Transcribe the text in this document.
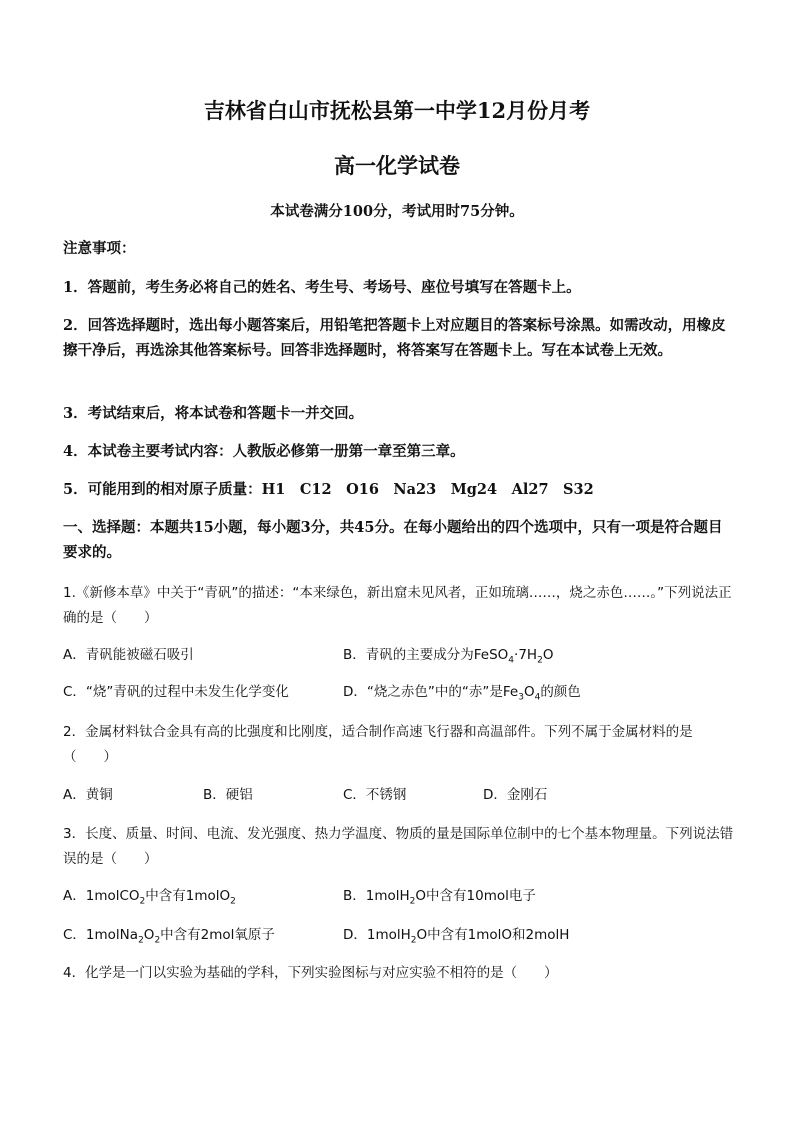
吉林省白山市抚松县第一中学12月份月考
高一化学试卷
本试卷满分100分，考试用时75分钟。

注意事项：

1．答题前，考生务必将自己的姓名、考生号、考场号、座位号填写在答题卡上。

2．回答选择题时，选出每小题答案后，用铅笔把答题卡上对应题目的答案标号涂黑。如需改动，用橡皮擦干净后，再选涂其他答案标号。回答非选择题时，将答案写在答题卡上。写在本试卷上无效。

3．考试结束后，将本试卷和答题卡一并交回。

4．本试卷主要考试内容：人教版必修第一册第一章至第三章。

5．可能用到的相对原子质量：H1　C12　O16　Na23　Mg24　Al27　S32

一、选择题：本题共15小题，每小题3分，共45分。在每小题给出的四个选项中，只有一项是符合题目要求的。

1.《新修本草》中关于“青矾”的描述：“本来绿色，新出窟未见风者，正如琉璃……，烧之赤色……。”下列说法正确的是（　　）

A．青矾能被磁石吸引	B．青矾的主要成分为$FeSO_4\cdot 7H_2O$
C．“烧”青矾的过程中未发生化学变化	D．“烧之赤色”中的“赤”是$Fe_3O_4$的颜色

2．金属材料钛合金具有高的比强度和比刚度，适合制作高速飞行器和高温部件。下列不属于金属材料的是（　　）

A．黄铜	B．硬铝	C．不锈钢	D．金刚石

3．长度、质量、时间、电流、发光强度、热力学温度、物质的量是国际单位制中的七个基本物理量。下列说法错误的是（　　）

A．1molCO$_2$中含有1molO$_2$	B．1molH$_2$O中含有10mol电子
C．$1molNa_2O_2$中含有2mol氧原子	D．1molH$_2$O中含有1molO和2molH

4．化学是一门以实验为基础的学科，下列实验图标与对应实验不相符的是（　　）
